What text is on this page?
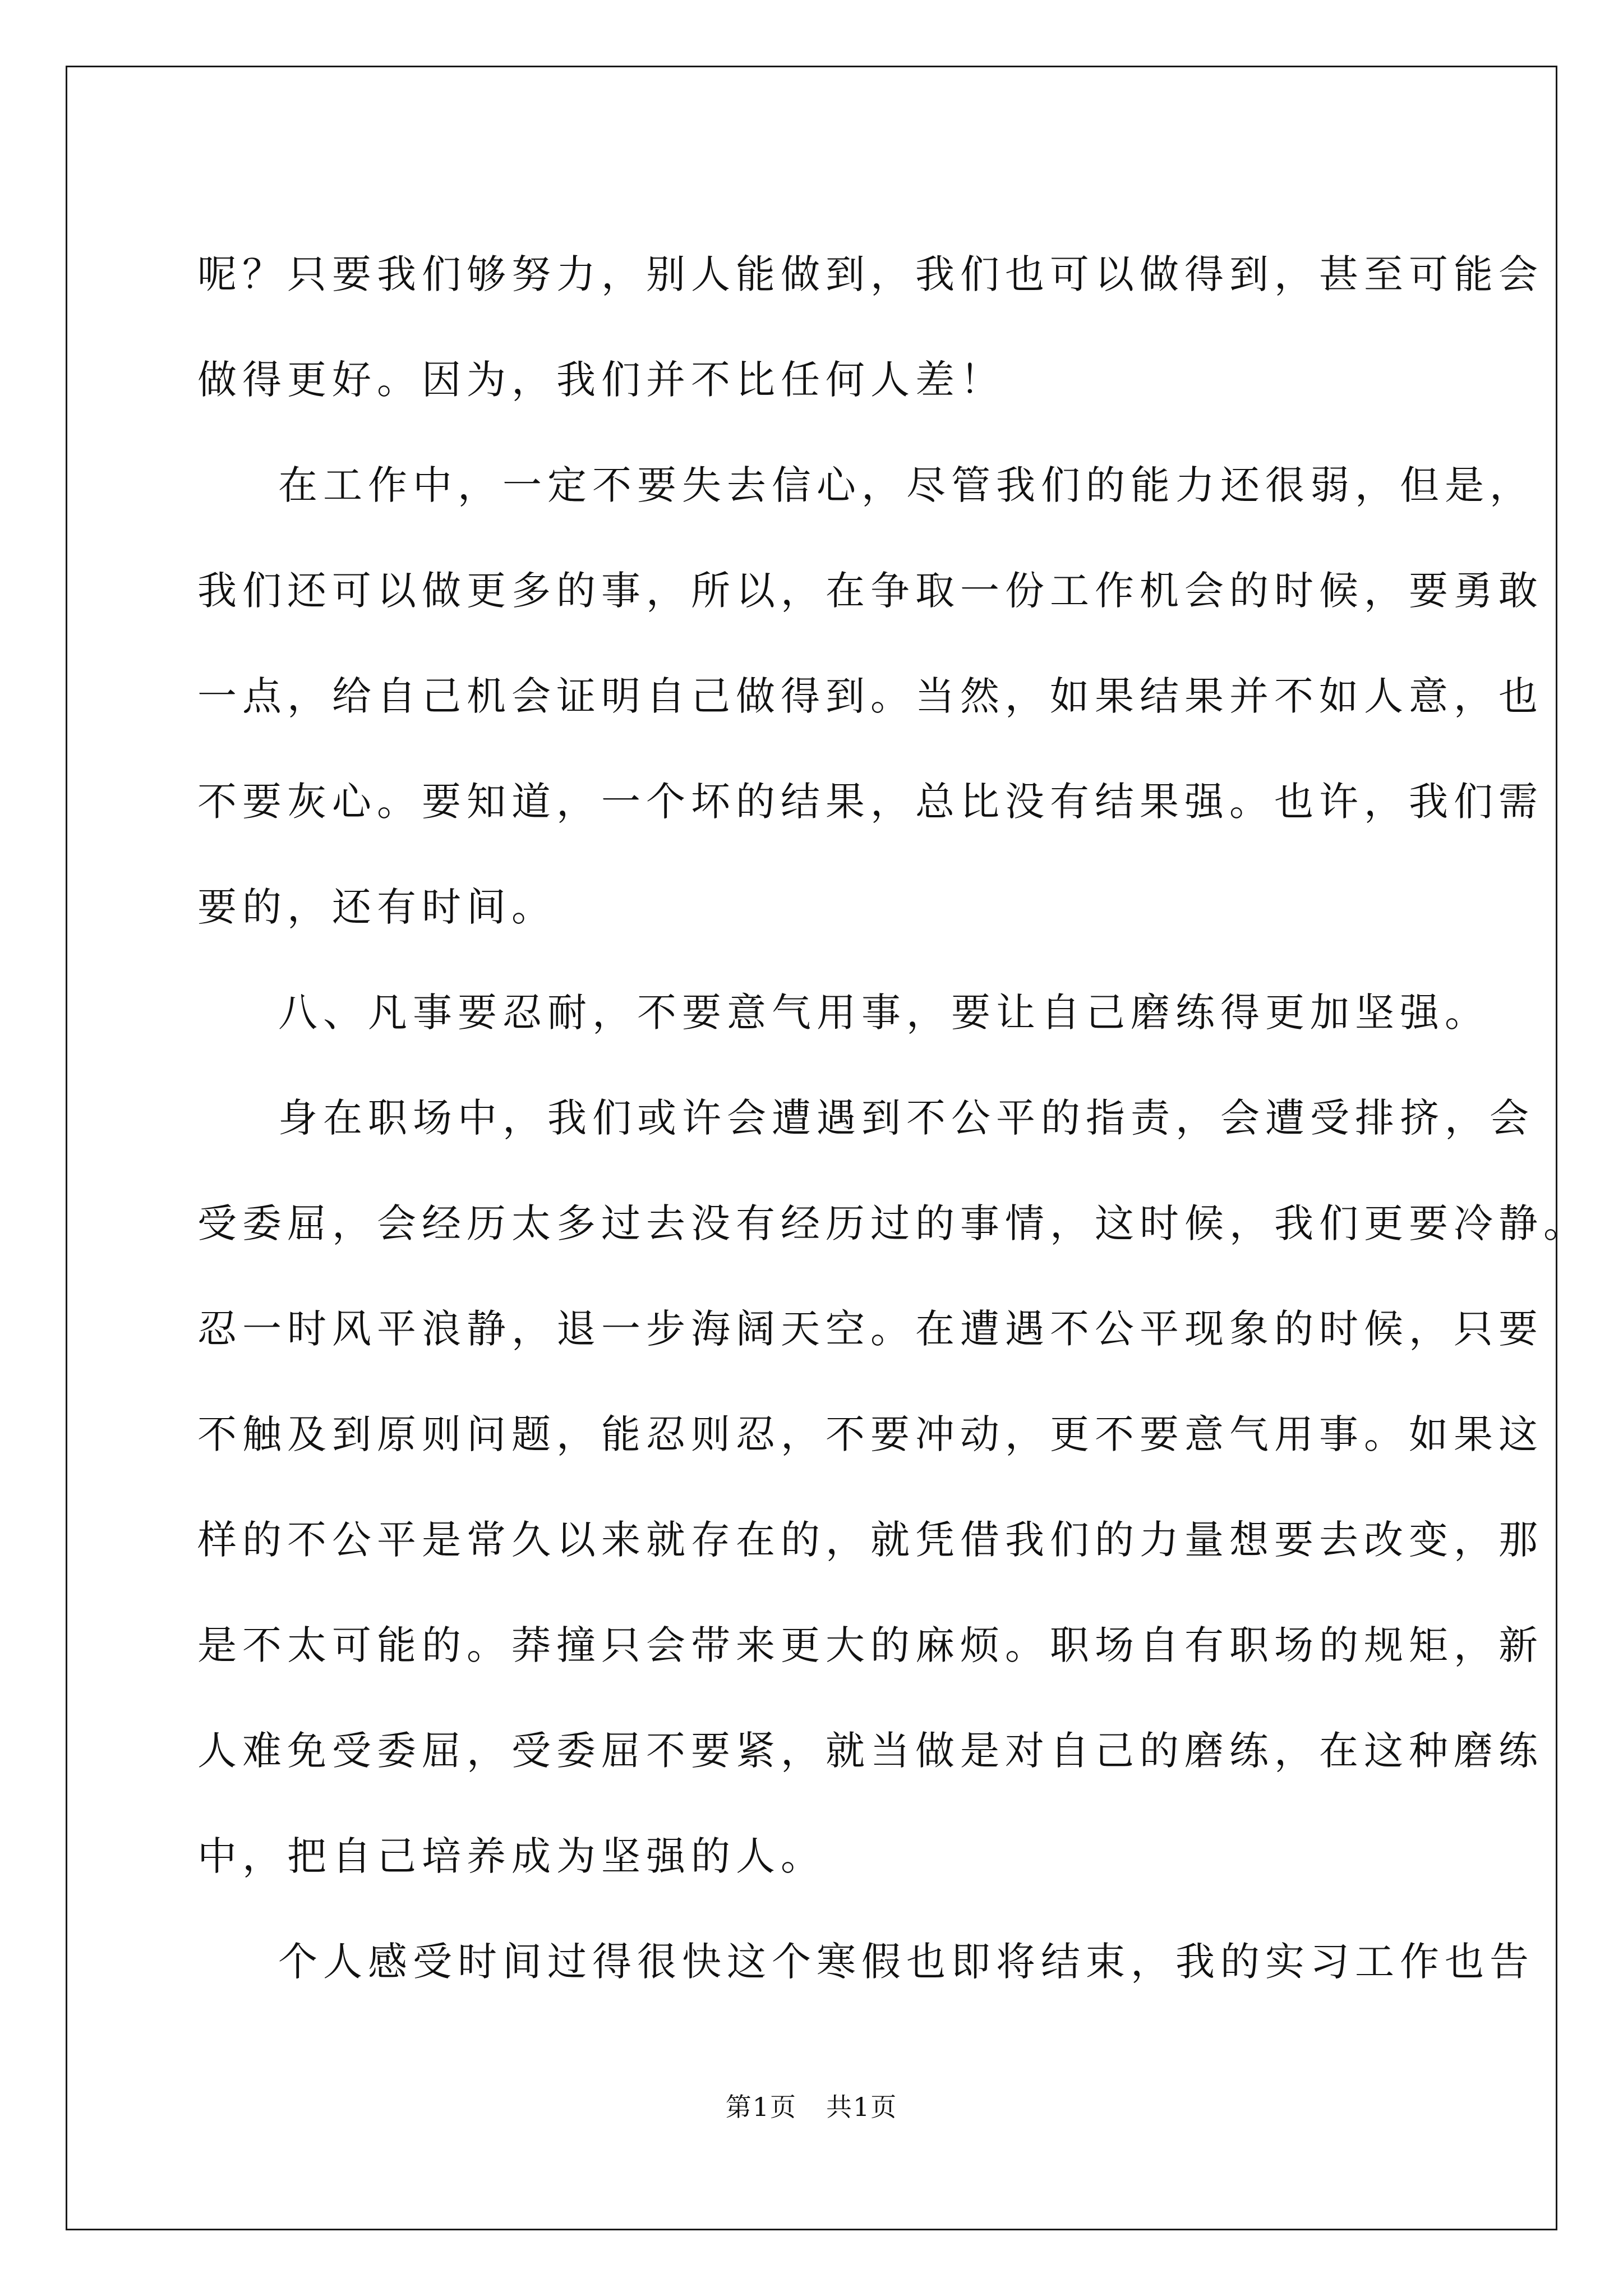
呢？只要我们够努力，别人能做到，我们也可以做得到，甚至可能会
做得更好。因为，我们并不比任何人差！
在工作中，一定不要失去信心，尽管我们的能力还很弱，但是，
我们还可以做更多的事，所以，在争取一份工作机会的时候，要勇敢
一点，给自己机会证明自己做得到。当然，如果结果并不如人意，也
不要灰心。要知道，一个坏的结果，总比没有结果强。也许，我们需
要的，还有时间。
八、凡事要忍耐，不要意气用事，要让自己磨练得更加坚强。
身在职场中，我们或许会遭遇到不公平的指责，会遭受排挤，会
受委屈，会经历太多过去没有经历过的事情，这时候，我们更要冷静。
忍一时风平浪静，退一步海阔天空。在遭遇不公平现象的时候，只要
不触及到原则问题，能忍则忍，不要冲动，更不要意气用事。如果这
样的不公平是常久以来就存在的，就凭借我们的力量想要去改变，那
是不太可能的。莽撞只会带来更大的麻烦。职场自有职场的规矩，新
人难免受委屈，受委屈不要紧，就当做是对自己的磨练，在这种磨练
中，把自己培养成为坚强的人。
个人感受时间过得很快这个寒假也即将结束，我的实习工作也告
第1页 共1页
